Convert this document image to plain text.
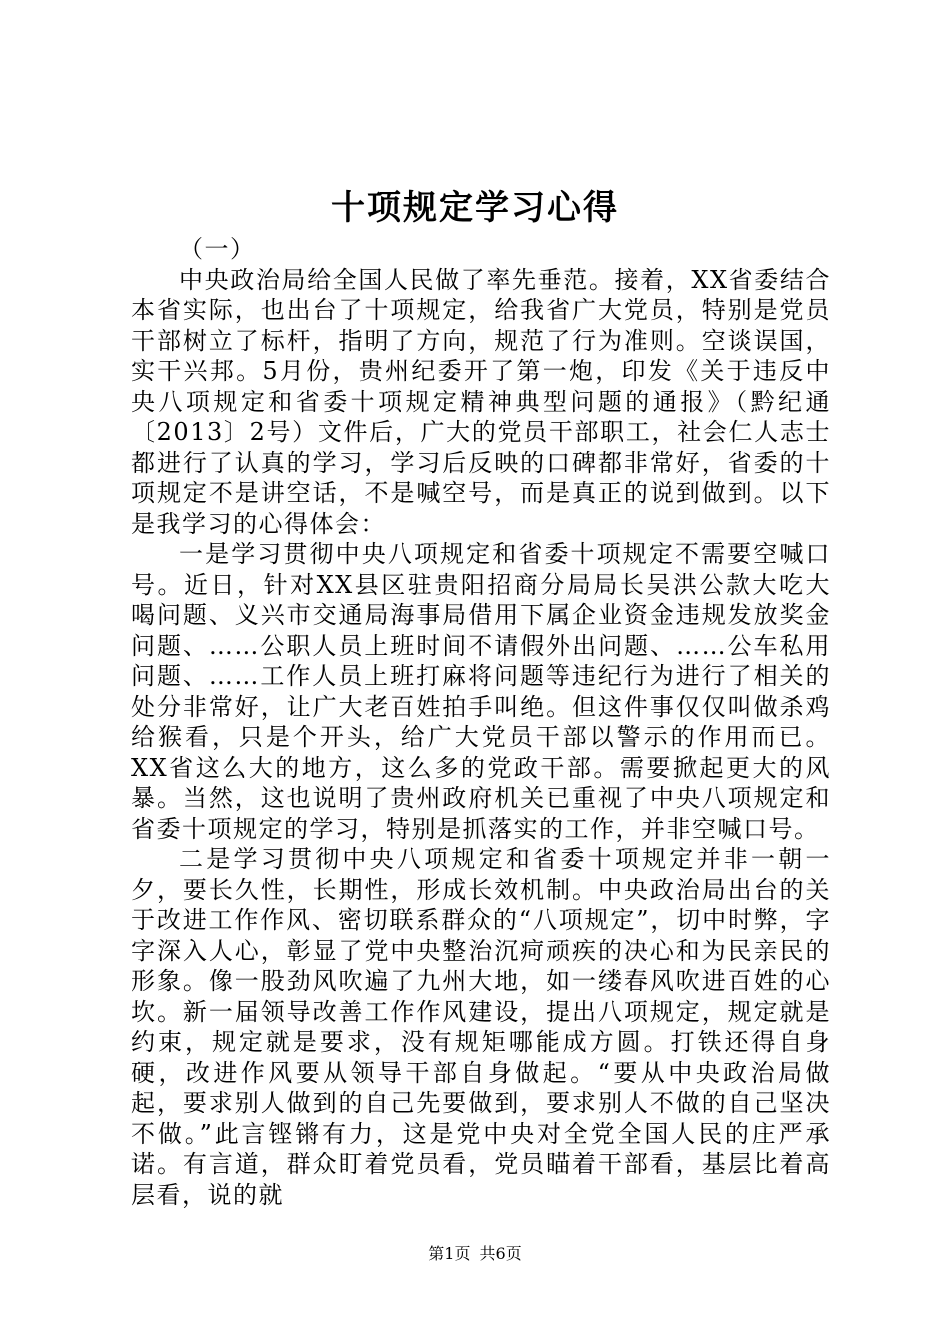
十项规定学习心得

（一）

中央政治局给全国人民做了率先垂范。接着，XX省委结合本省实际，也出台了十项规定，给我省广大党员，特别是党员干部树立了标杆，指明了方向，规范了行为准则。空谈误国，实干兴邦。5月份，贵州纪委开了第一炮，印发《关于违反中央八项规定和省委十项规定精神典型问题的通报》（黔纪通〔2013〕2号）文件后，广大的党员干部职工，社会仁人志士都进行了认真的学习，学习后反映的口碑都非常好，省委的十项规定不是讲空话，不是喊空号，而是真正的说到做到。以下是我学习的心得体会：

一是学习贯彻中央八项规定和省委十项规定不需要空喊口号。近日，针对XX县区驻贵阳招商分局局长吴洪公款大吃大喝问题、义兴市交通局海事局借用下属企业资金违规发放奖金问题、……公职人员上班时间不请假外出问题、……公车私用问题、……工作人员上班打麻将问题等违纪行为进行了相关的处分非常好，让广大老百姓拍手叫绝。但这件事仅仅叫做杀鸡给猴看，只是个开头，给广大党员干部以警示的作用而已。XX省这么大的地方，这么多的党政干部。需要掀起更大的风暴。当然，这也说明了贵州政府机关已重视了中央八项规定和省委十项规定的学习，特别是抓落实的工作，并非空喊口号。

二是学习贯彻中央八项规定和省委十项规定并非一朝一夕，要长久性，长期性，形成长效机制。中央政治局出台的关于改进工作作风、密切联系群众的“八项规定”，切中时弊，字字深入人心，彰显了党中央整治沉疴顽疾的决心和为民亲民的形象。像一股劲风吹遍了九州大地，如一缕春风吹进百姓的心坎。新一届领导改善工作作风建设，提出八项规定，规定就是约束，规定就是要求，没有规矩哪能成方圆。打铁还得自身硬，改进作风要从领导干部自身做起。“要从中央政治局做起，要求别人做到的自己先要做到，要求别人不做的自己坚决不做。”此言铿锵有力，这是党中央对全党全国人民的庄严承诺。有言道，群众盯着党员看，党员瞄着干部看，基层比着高层看，说的就

第1页 共6页
